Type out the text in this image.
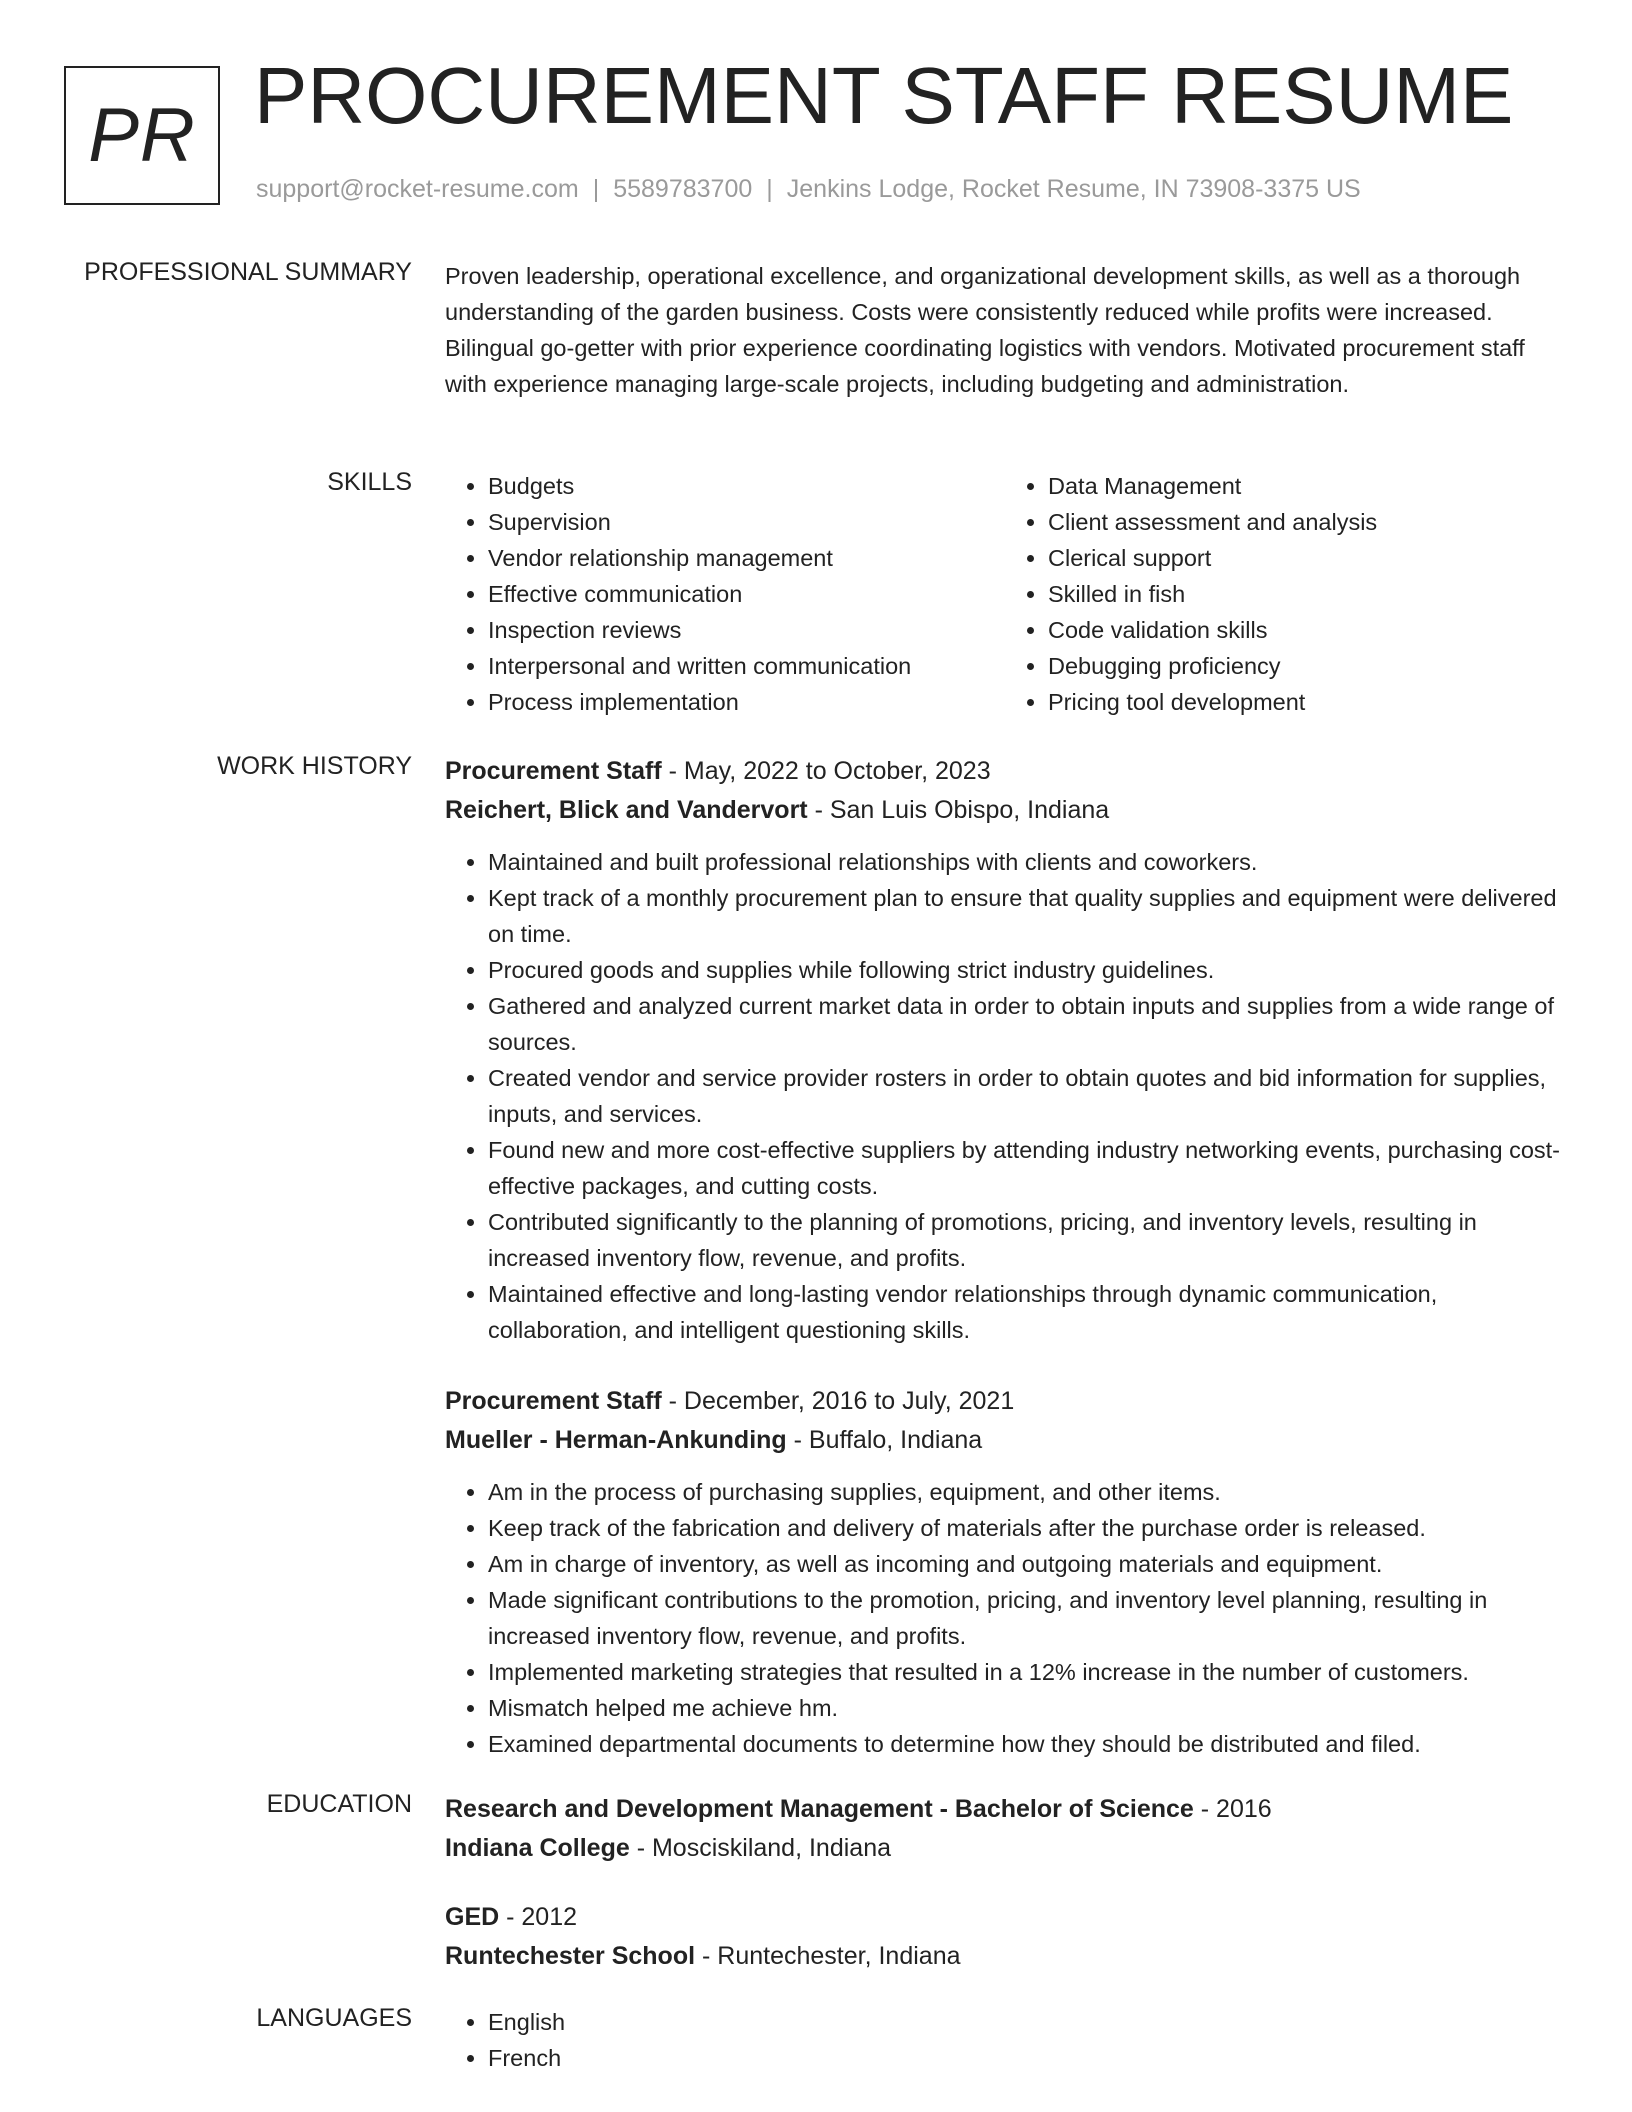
PR PROCUREMENT STAFF RESUME
support@rocket-resume.com | 5589783700 | Jenkins Lodge, Rocket Resume, IN 73908-3375 US
PROFESSIONAL SUMMARY Proven leadership, operational excellence, and organizational development skills, as well as a thorough understanding of the garden business. Costs were consistently reduced while profits were increased. Bilingual go-getter with prior experience coordinating logistics with vendors. Motivated procurement staff with experience managing large-scale projects, including budgeting and administration.
SKILLS	• Budgets
• Supervision
• Vendor relationship management
• Effective communication
• Inspection reviews
• Interpersonal and written communication
• Process implementation
• Data Management
• Client assessment and analysis
• Clerical support
• Skilled in fish
• Code validation skills
• Debugging proficiency
• Pricing tool development
WORK HISTORY Procurement Staff - May, 2022 to October, 2023
Reichert, Blick and Vandervort - San Luis Obispo, Indiana
• Maintained and built professional relationships with clients and coworkers.
• Kept track of a monthly procurement plan to ensure that quality supplies and equipment were delivered on time.
• Procured goods and supplies while following strict industry guidelines.
• Gathered and analyzed current market data in order to obtain inputs and supplies from a wide range of sources.
• Created vendor and service provider rosters in order to obtain quotes and bid information for supplies, inputs, and services.
• Found new and more cost-effective suppliers by attending industry networking events, purchasing cost-effective packages, and cutting costs.
• Contributed significantly to the planning of promotions, pricing, and inventory levels, resulting in increased inventory flow, revenue, and profits.
• Maintained effective and long-lasting vendor relationships through dynamic communication, collaboration, and intelligent questioning skills.
Procurement Staff - December, 2016 to July, 2021
Mueller - Herman-Ankunding - Buffalo, Indiana
• Am in the process of purchasing supplies, equipment, and other items.
• Keep track of the fabrication and delivery of materials after the purchase order is released.
• Am in charge of inventory, as well as incoming and outgoing materials and equipment.
• Made significant contributions to the promotion, pricing, and inventory level planning, resulting in increased inventory flow, revenue, and profits.
• Implemented marketing strategies that resulted in a 12% increase in the number of customers.
• Mismatch helped me achieve hm.
• Examined departmental documents to determine how they should be distributed and filed.
EDUCATION Research and Development Management - Bachelor of Science - 2016
Indiana College - Mosciskiland, Indiana
GED - 2012
Runtechester School - Runtechester, Indiana
LANGUAGES	• English
• French
